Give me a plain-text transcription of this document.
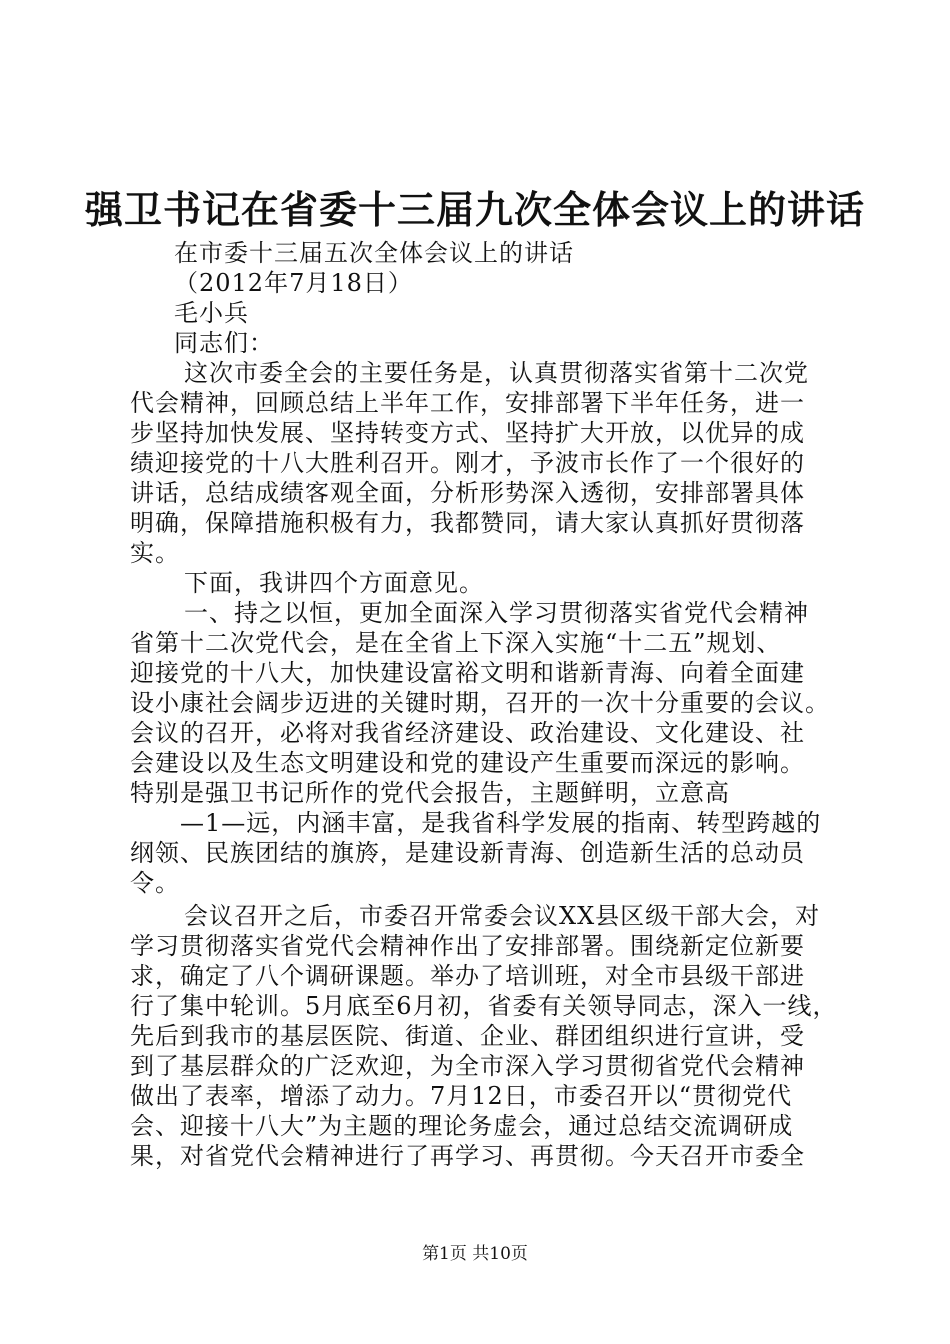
强卫书记在省委十三届九次全体会议上的讲话
在市委十三届五次全体会议上的讲话
（2012年7月18日）
毛小兵
同志们：
这次市委全会的主要任务是，认真贯彻落实省第十二次党
代会精神，回顾总结上半年工作，安排部署下半年任务，进一
步坚持加快发展、坚持转变方式、坚持扩大开放，以优异的成
绩迎接党的十八大胜利召开。刚才，予波市长作了一个很好的
讲话，总结成绩客观全面，分析形势深入透彻，安排部署具体
明确，保障措施积极有力，我都赞同，请大家认真抓好贯彻落
实。
下面，我讲四个方面意见。
一、持之以恒，更加全面深入学习贯彻落实省党代会精神
省第十二次党代会，是在全省上下深入实施“十二五”规划、
迎接党的十八大，加快建设富裕文明和谐新青海、向着全面建
设小康社会阔步迈进的关键时期，召开的一次十分重要的会议。
会议的召开，必将对我省经济建设、政治建设、文化建设、社
会建设以及生态文明建设和党的建设产生重要而深远的影响。
特别是强卫书记所作的党代会报告，主题鲜明，立意高
—1—远，内涵丰富，是我省科学发展的指南、转型跨越的
纲领、民族团结的旗旍，是建设新青海、创造新生活的总动员
令。
会议召开之后，市委召开常委会议XX县区级干部大会，对
学习贯彻落实省党代会精神作出了安排部署。围绕新定位新要
求，确定了八个调研课题。举办了培训班，对全市县级干部进
行了集中轮训。5月底至6月初，省委有关领导同志，深入一线，
先后到我市的基层医院、街道、企业、群团组织进行宣讲，受
到了基层群众的广泛欢迎，为全市深入学习贯彻省党代会精神
做出了表率，增添了动力。7月12日，市委召开以“贯彻党代
会、迎接十八大”为主题的理论务虚会，通过总结交流调研成
果，对省党代会精神进行了再学习、再贯彻。今天召开市委全
第1页 共10页
